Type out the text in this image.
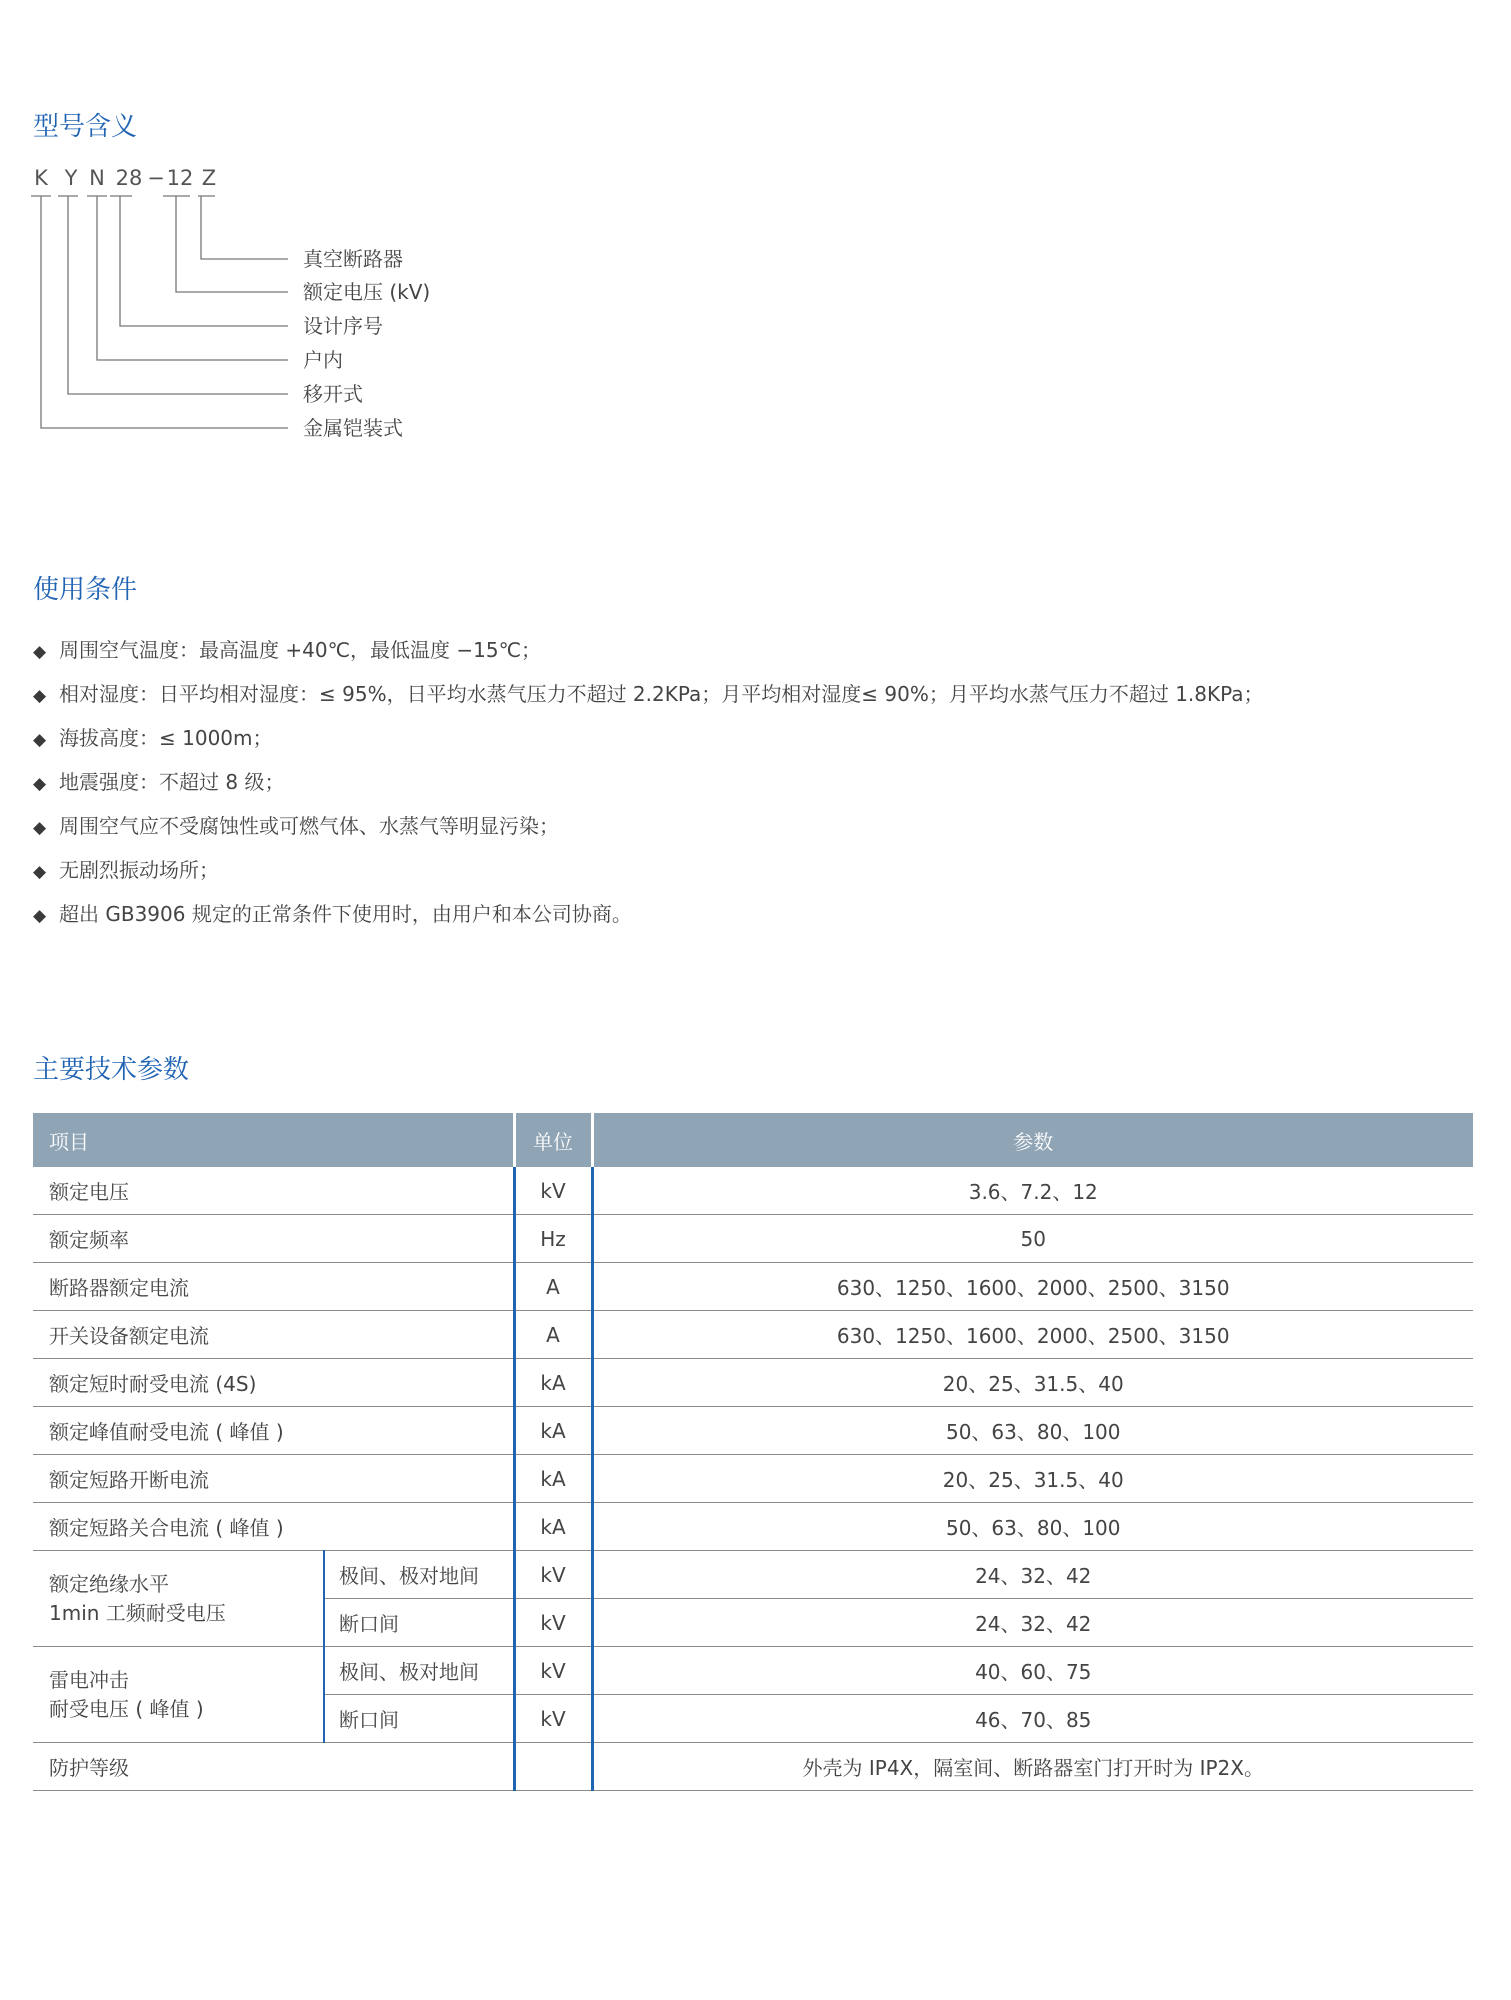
型号含义
K Y N 28 − 12 Z
真空断路器
额定电压 (kV)
设计序号
户内
移开式
金属铠装式
使用条件
◆ 周围空气温度：最高温度 +40℃，最低温度 −15℃；
◆ 相对湿度：日平均相对湿度：≤ 95%，日平均水蒸气压力不超过 2.2KPa；月平均相对湿度≤ 90%；月平均水蒸气压力不超过 1.8KPa；
◆ 海拔高度：≤ 1000m；
◆ 地震强度：不超过 8 级；
◆ 周围空气应不受腐蚀性或可燃气体、水蒸气等明显污染；
◆ 无剧烈振动场所；
◆ 超出 GB3906 规定的正常条件下使用时，由用户和本公司协商。
主要技术参数
项目		单位	参数
额定电压		kV	3.6、7.2、12
额定频率		Hz	50
断路器额定电流		A	630、1250、1600、2000、2500、3150
开关设备额定电流		A	630、1250、1600、2000、2500、3150
额定短时耐受电流 (4S)		kA	20、25、31.5、40
额定峰值耐受电流 ( 峰值 )		kA	50、63、80、100
额定短路开断电流		kA	20、25、31.5、40
额定短路关合电流 ( 峰值 )		kA	50、63、80、100

额定绝缘水平
1min 工频耐受电压	极间、极对地间	kV	24、32、42
	断口间	kV	24、32、42

雷电冲击
耐受电压 ( 峰值 )	极间、极对地间	kV	40、60、75
	断口间	kV	46、70、85
防护等级			外壳为 IP4X，隔室间、断路器室门打开时为 IP2X。
